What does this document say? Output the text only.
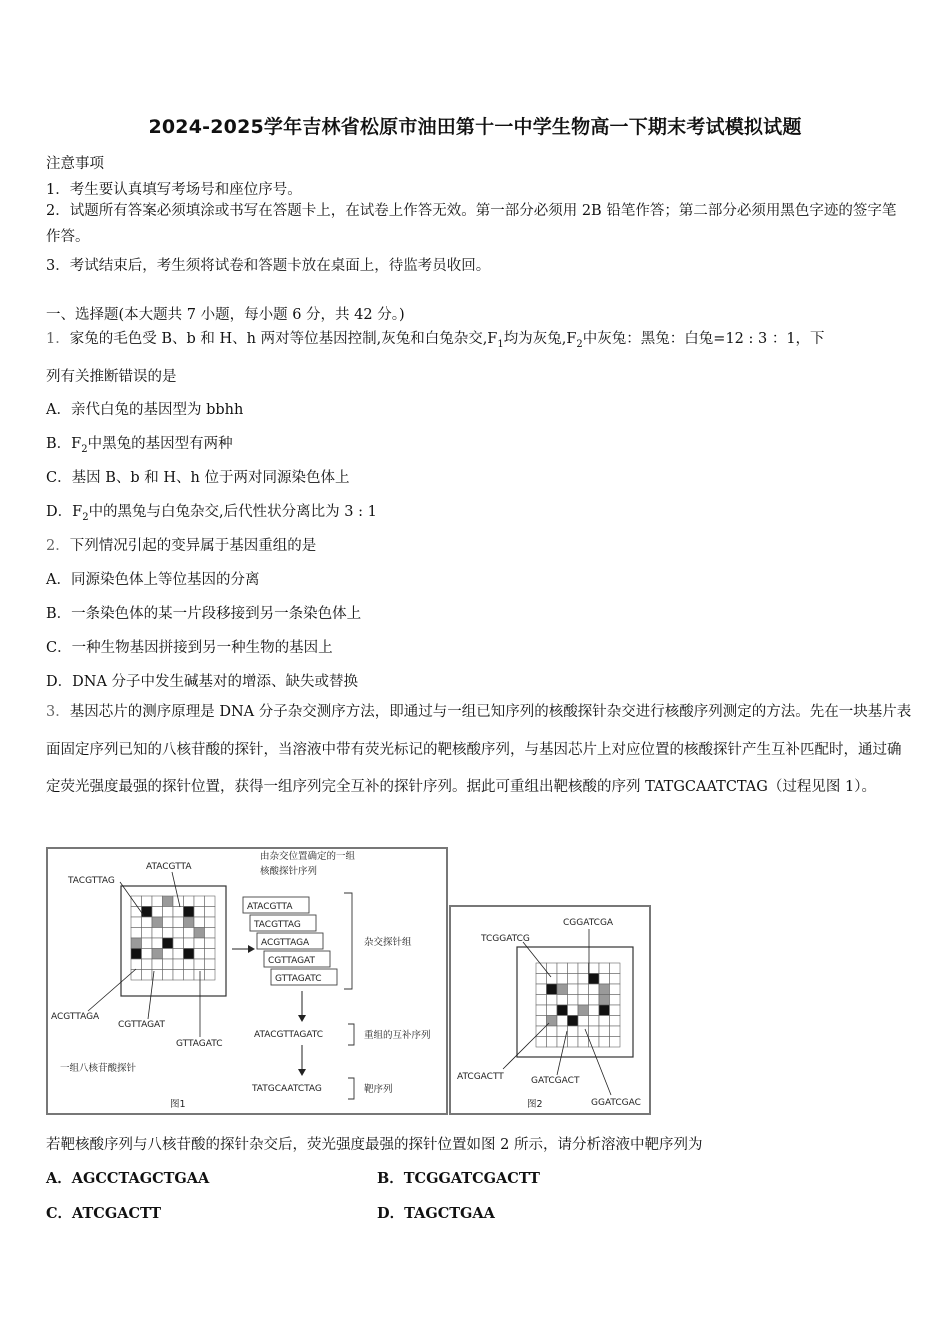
2024-2025学年吉林省松原市油田第十一中学生物高一下期末考试模拟试题
注意事项
1．考生要认真填写考场号和座位序号。
2．试题所有答案必须填涂或书写在答题卡上，在试卷上作答无效。第一部分必须用 2B 铅笔作答；第二部分必须用黑色字迹的签字笔作答。
3．考试结束后，考生须将试卷和答题卡放在桌面上，待监考员收回。
一、选择题(本大题共 7 小题，每小题 6 分，共 42 分。)
1．家兔的毛色受 B、b 和 H、h 两对等位基因控制,灰兔和白兔杂交$,F_1$均为灰兔$,F_2$中灰兔：黑兔：白兔=12 : 3 ：1，下
列有关推断错误的是
A．亲代白兔的基因型为 bbhh
B．$F_2$中黑兔的基因型有两种
C．基因 B、b 和 H、h 位于两对同源染色体上
D．$F_2$中的黑兔与白兔杂交,后代性状分离比为 3 : 1
2．下列情况引起的变异属于基因重组的是
A．同源染色体上等位基因的分离
B．一条染色体的某一片段移接到另一条染色体上
C．一种生物基因拼接到另一种生物的基因上
D．DNA 分子中发生碱基对的增添、缺失或替换
3．基因芯片的测序原理是 DNA 分子杂交测序方法，即通过与一组已知序列的核酸探针杂交进行核酸序列测定的方法。先在一块基片表面固定序列已知的八核苷酸的探针，当溶液中带有荧光标记的靶核酸序列，与基因芯片上对应位置的核酸探针产生互补匹配时，通过确定荧光强度最强的探针位置，获得一组序列完全互补的探针序列。据此可重组出靶核酸的序列 TATGCAATCTAG（过程见图 1）。
ATACGTTA
TACGTTAG
ACGTTAGA
CGTTAGAT
GTTAGATC
由杂交位置确定的一组
核酸探针序列
ATACGTTA
TACGTTAG
ACGTTAGA
CGTTAGAT
GTTAGATC
杂交探针组
ATACGTTAGATC	重组的互补序列
TATGCAATCTAG	靶序列
一组八核苷酸探针
图1
CGGATCGA
TCGGATCG
ATCGACTT	GATCGACT
GGATCGAC
图2
若靶核酸序列与八核苷酸的探针杂交后，荧光强度最强的探针位置如图 2 所示，请分析溶液中靶序列为
A．AGCCTAGCTGAA	B．TCGGATCGACTT
C．ATCGACTT	D．TAGCTGAA
